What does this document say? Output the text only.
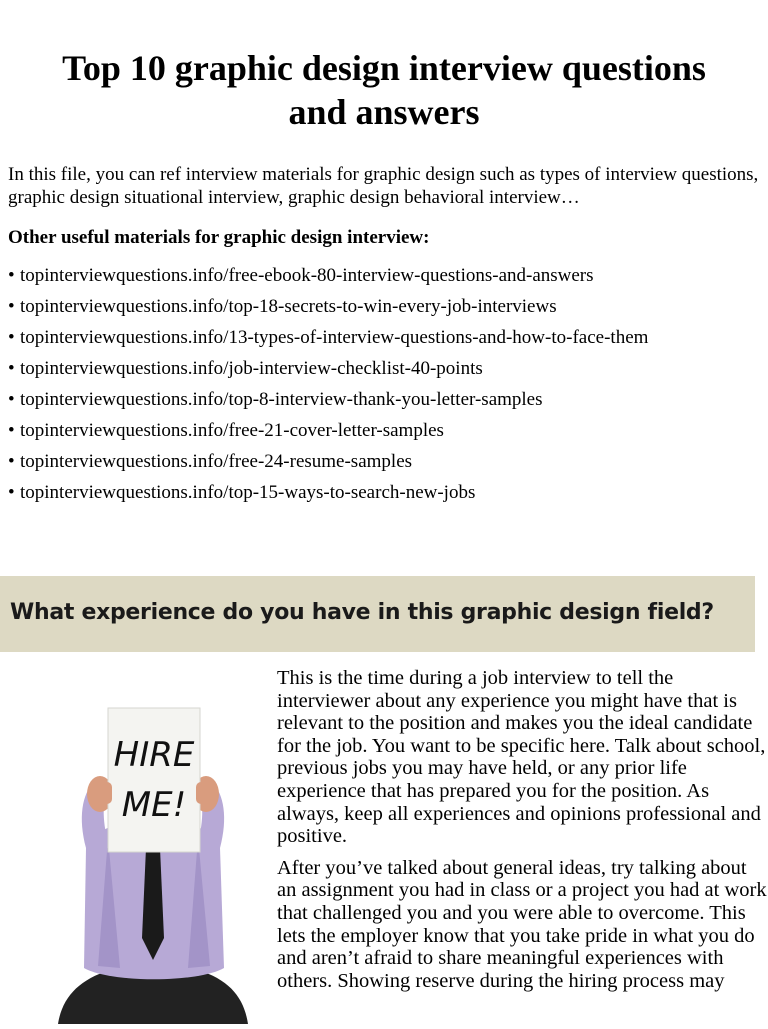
Top 10 graphic design interview questions
and answers

In this file, you can ref interview materials for graphic design such as types of interview questions, graphic design situational interview, graphic design behavioral interview…

Other useful materials for graphic design interview:

• topinterviewquestions.info/free-ebook-80-interview-questions-and-answers
• topinterviewquestions.info/top-18-secrets-to-win-every-job-interviews
• topinterviewquestions.info/13-types-of-interview-questions-and-how-to-face-them
• topinterviewquestions.info/job-interview-checklist-40-points
• topinterviewquestions.info/top-8-interview-thank-you-letter-samples
• topinterviewquestions.info/free-21-cover-letter-samples
• topinterviewquestions.info/free-24-resume-samples
• topinterviewquestions.info/top-15-ways-to-search-new-jobs
What experience do you have in this graphic design field?
HIRE
ME!

This is the time during a job interview to tell the interviewer about any experience you might have that is relevant to the position and makes you the ideal candidate for the job. You want to be specific here. Talk about school, previous jobs you may have held, or any prior life experience that has prepared you for the position. As always, keep all experiences and opinions professional and positive.

After you’ve talked about general ideas, try talking about an assignment you had in class or a project you had at work that challenged you and you were able to overcome. This lets the employer know that you take pride in what you do and aren’t afraid to share meaningful experiences with others. Showing reserve during the hiring process may
